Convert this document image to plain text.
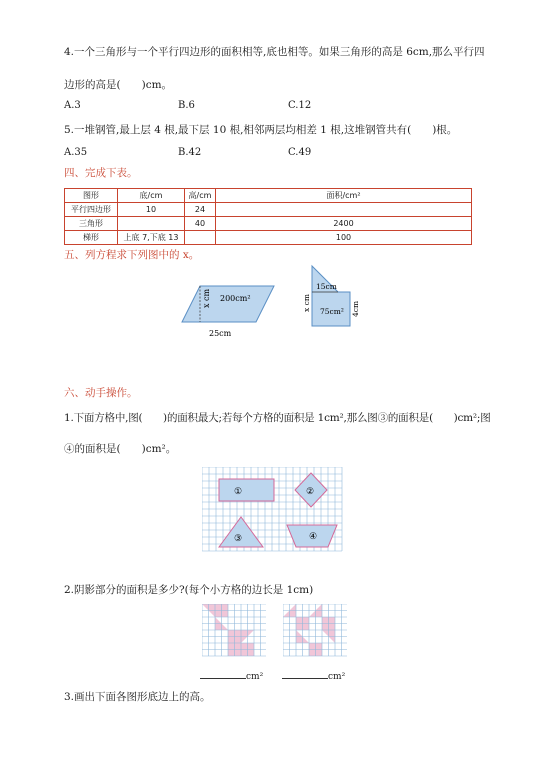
4.一个三角形与一个平行四边形的面积相等,底也相等。如果三角形的高是 6cm,那么平行四
边形的高是(　　)cm。
A.3	B.6	C.12
5.一堆钢管,最上层 4 根,最下层 10 根,相邻两层均相差 1 根,这堆钢管共有(　　)根。
A.35	B.42	C.49
四、完成下表。
图形	底/cm	高/cm	面积/cm²
平行四边形	10	24	
三角形		40	2400
梯形	上底 7,下底 13		100
五、列方程求下列图中的 x。
200cm²
x cm
25cm
15cm
x cm 75cm² 4cm
六、动手操作。
1.下面方格中,图(　　)的面积最大;若每个方格的面积是 1cm²,那么图③的面积是(　　)cm²;图
④的面积是(　　)cm²。
①	②
③	④
2.阴影部分的面积是多少?(每个小方格的边长是 1cm)
cm²	cm²
3.画出下面各图形底边上的高。
